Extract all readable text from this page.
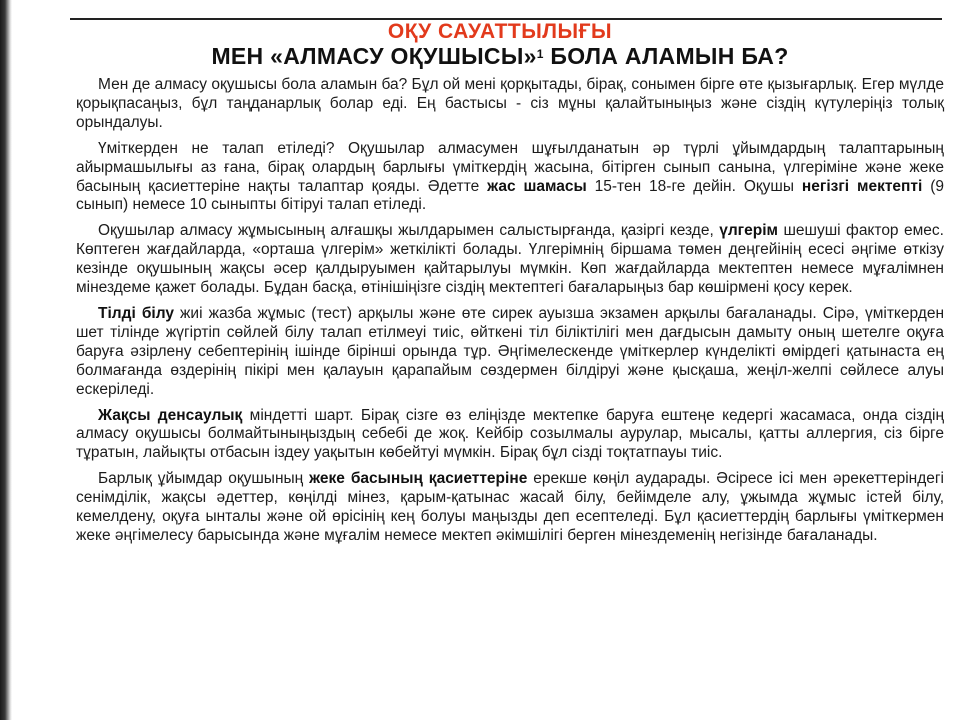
ОҚУ САУАТТЫЛЫҒЫ
МЕН «АЛМАСУ ОҚУШЫСЫ»$^1$ БОЛА АЛАМЫН БА?

Мен де алмасу оқушысы бола аламын ба? Бұл ой мені қорқытады, бірақ, сонымен бірге өте қызығарлық. Егер мүлде қорықпасаңыз, бұл таңданарлық болар еді. Ең бастысы - сіз мұны қалайтыныңыз және сіздің күтулеріңіз толық орындалуы.

Үміткерден не талап етіледі? Оқушылар алмасумен шұғылданатын әр түрлі ұйымдардың талаптарының айырмашылығы аз ғана, бірақ олардың барлығы үміткердің жасына, бітірген сынып санына, үлгеріміне және жеке басының қасиеттеріне нақты талаптар қояды. Әдетте жас шамасы 15-тен 18-ге дейін. Оқушы негізгі мектепті (9 сынып) немесе 10 сыныпты бітіруі талап етіледі.

Оқушылар алмасу жұмысының алғашқы жылдарымен салыстырғанда, қазіргі кезде, үлгерім шешуші фактор емес. Көптеген жағдайларда, «орташа үлгерім» жеткілікті болады. Үлгерімнің біршама төмен деңгейінің есесі әңгіме өткізу кезінде оқушының жақсы әсер қалдыруымен қайтарылуы мүмкін. Көп жағдайларда мектептен немесе мұғалімнен мінездеме қажет болады. Бұдан басқа, өтінішіңізге сіздің мектептегі бағаларыңыз бар көшірмені қосу керек.

Тілді білу жиі жазба жұмыс (тест) арқылы және өте сирек ауызша экзамен арқылы бағаланады. Сірә, үміткерден шет тілінде жүгіртіп сөйлей білу талап етілмеуі тиіс, өйткені тіл біліктілігі мен дағдысын дамыту оның шетелге оқуға баруға әзірлену себептерінің ішінде бірінші орында тұр. Әңгімелескенде үміткерлер күнделікті өмірдегі қатынаста ең болмағанда өздерінің пікірі мен қалауын қарапайым сөздермен білдіруі және қысқаша, жеңіл-желпі сөйлесе алуы ескеріледі.

Жақсы денсаулық міндетті шарт. Бірақ сізге өз еліңізде мектепке баруға ештеңе кедергі жасамаса, онда сіздің алмасу оқушысы болмайтыныңыздың себебі де жоқ. Кейбір созылмалы аурулар, мысалы, қатты аллергия, сіз бірге тұратын, лайықты отбасын іздеу уақытын көбейтуі мүмкін. Бірақ бұл сізді тоқтатпауы тиіс.

Барлық ұйымдар оқушының жеке басының қасиеттеріне ерекше көңіл аударады. Әсіресе ісі мен әрекеттеріндегі сенімділік, жақсы әдеттер, көңілді мінез, қарым-қатынас жасай білу, бейімделе алу, ұжымда жұмыс істей білу, кемелдену, оқуға ынталы және ой өрісінің кең болуы маңызды деп есептеледі. Бұл қасиеттердің барлығы үміткермен жеке әңгімелесу барысында және мұғалім немесе мектеп әкімшілігі берген мінездеменің негізінде бағаланады.
